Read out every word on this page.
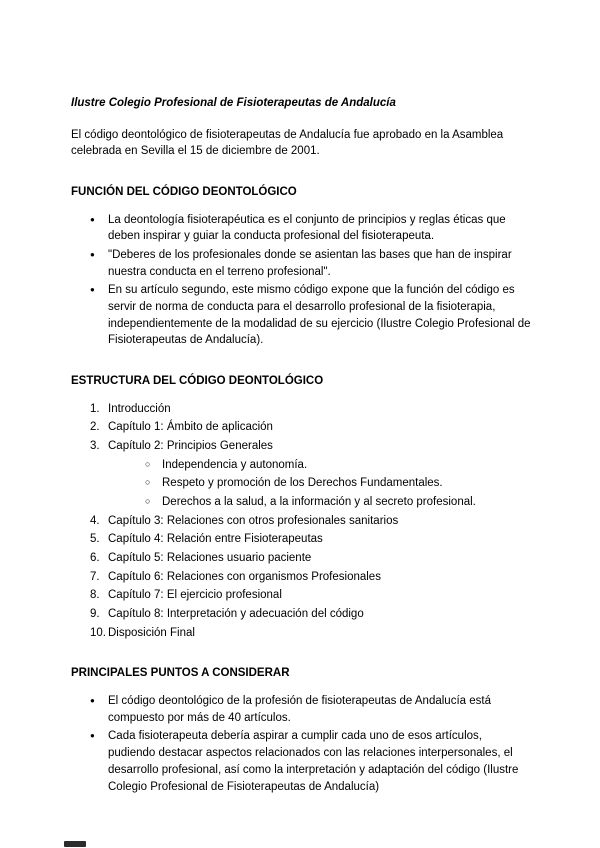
Ilustre Colegio Profesional de Fisioterapeutas de Andalucía

El código deontológico de fisioterapeutas de Andalucía fue aprobado en la Asamblea celebrada en Sevilla el 15 de diciembre de 2001.

FUNCIÓN DEL CÓDIGO DEONTOLÓGICO
● La deontología fisioterapéutica es el conjunto de principios y reglas éticas que deben inspirar y guiar la conducta profesional del fisioterapeuta.
● "Deberes de los profesionales donde se asientan las bases que han de inspirar nuestra conducta en el terreno profesional".
● En su artículo segundo, este mismo código expone que la función del código es servir de norma de conducta para el desarrollo profesional de la fisioterapia, independientemente de la modalidad de su ejercicio (Ilustre Colegio Profesional de Fisioterapeutas de Andalucía).
ESTRUCTURA DEL CÓDIGO DEONTOLÓGICO
1. Introducción
2. Capítulo 1: Ámbito de aplicación
3. Capítulo 2: Principios Generales
○ Independencia y autonomía.
○ Respeto y promoción de los Derechos Fundamentales.
○ Derechos a la salud, a la información y al secreto profesional.
4. Capítulo 3: Relaciones con otros profesionales sanitarios
5. Capítulo 4: Relación entre Fisioterapeutas
6. Capítulo 5: Relaciones usuario paciente
7. Capítulo 6: Relaciones con organismos Profesionales
8. Capítulo 7: El ejercicio profesional
9. Capítulo 8: Interpretación y adecuación del código
10. Disposición Final
PRINCIPALES PUNTOS A CONSIDERAR
● El código deontológico de la profesión de fisioterapeutas de Andalucía está compuesto por más de 40 artículos.
● Cada fisioterapeuta debería aspirar a cumplir cada uno de esos artículos, pudiendo destacar aspectos relacionados con las relaciones interpersonales, el desarrollo profesional, así como la interpretación y adaptación del código (Ilustre Colegio Profesional de Fisioterapeutas de Andalucía)
